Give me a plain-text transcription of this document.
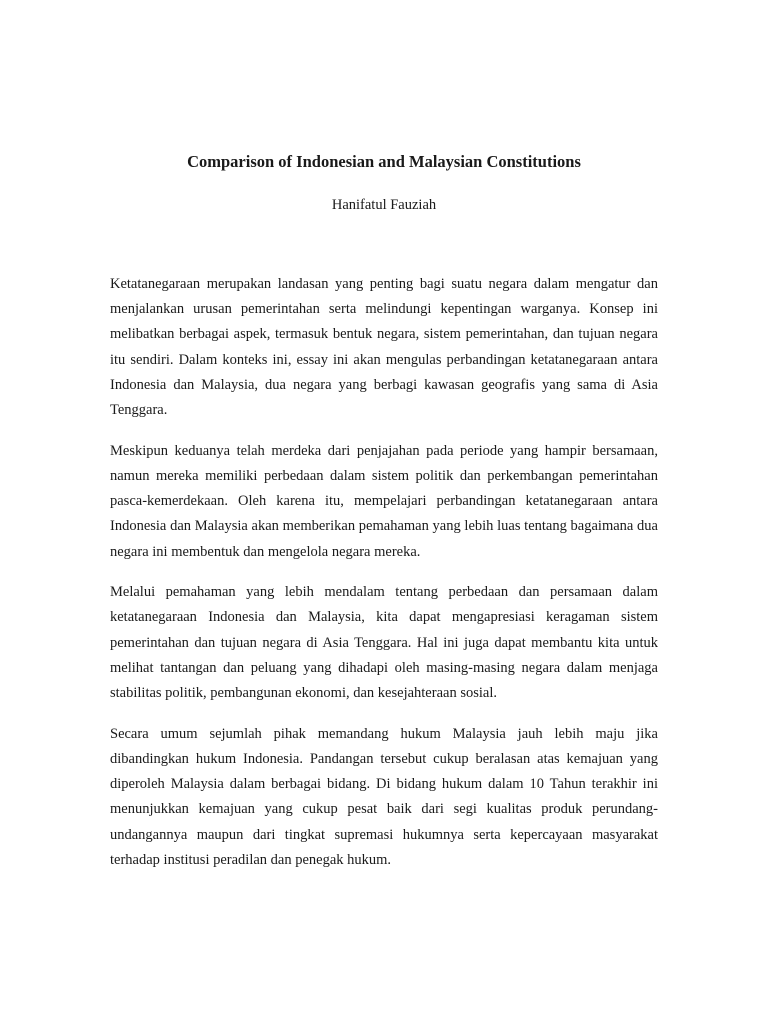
Comparison of Indonesian and Malaysian Constitutions

Hanifatul Fauziah

Ketatanegaraan merupakan landasan yang penting bagi suatu negara dalam mengatur dan menjalankan urusan pemerintahan serta melindungi kepentingan warganya. Konsep ini melibatkan berbagai aspek, termasuk bentuk negara, sistem pemerintahan, dan tujuan negara itu sendiri. Dalam konteks ini, essay ini akan mengulas perbandingan ketatanegaraan antara Indonesia dan Malaysia, dua negara yang berbagi kawasan geografis yang sama di Asia Tenggara.

Meskipun keduanya telah merdeka dari penjajahan pada periode yang hampir bersamaan, namun mereka memiliki perbedaan dalam sistem politik dan perkembangan pemerintahan pasca-kemerdekaan. Oleh karena itu, mempelajari perbandingan ketatanegaraan antara Indonesia dan Malaysia akan memberikan pemahaman yang lebih luas tentang bagaimana dua negara ini membentuk dan mengelola negara mereka.

Melalui pemahaman yang lebih mendalam tentang perbedaan dan persamaan dalam ketatanegaraan Indonesia dan Malaysia, kita dapat mengapresiasi keragaman sistem pemerintahan dan tujuan negara di Asia Tenggara. Hal ini juga dapat membantu kita untuk melihat tantangan dan peluang yang dihadapi oleh masing-masing negara dalam menjaga stabilitas politik, pembangunan ekonomi, dan kesejahteraan sosial.

Secara umum sejumlah pihak memandang hukum Malaysia jauh lebih maju jika dibandingkan hukum Indonesia. Pandangan tersebut cukup beralasan atas kemajuan yang diperoleh Malaysia dalam berbagai bidang. Di bidang hukum dalam 10 Tahun terakhir ini menunjukkan kemajuan yang cukup pesat baik dari segi kualitas produk perundang-undangannya maupun dari tingkat supremasi hukumnya serta kepercayaan masyarakat terhadap institusi peradilan dan penegak hukum.
